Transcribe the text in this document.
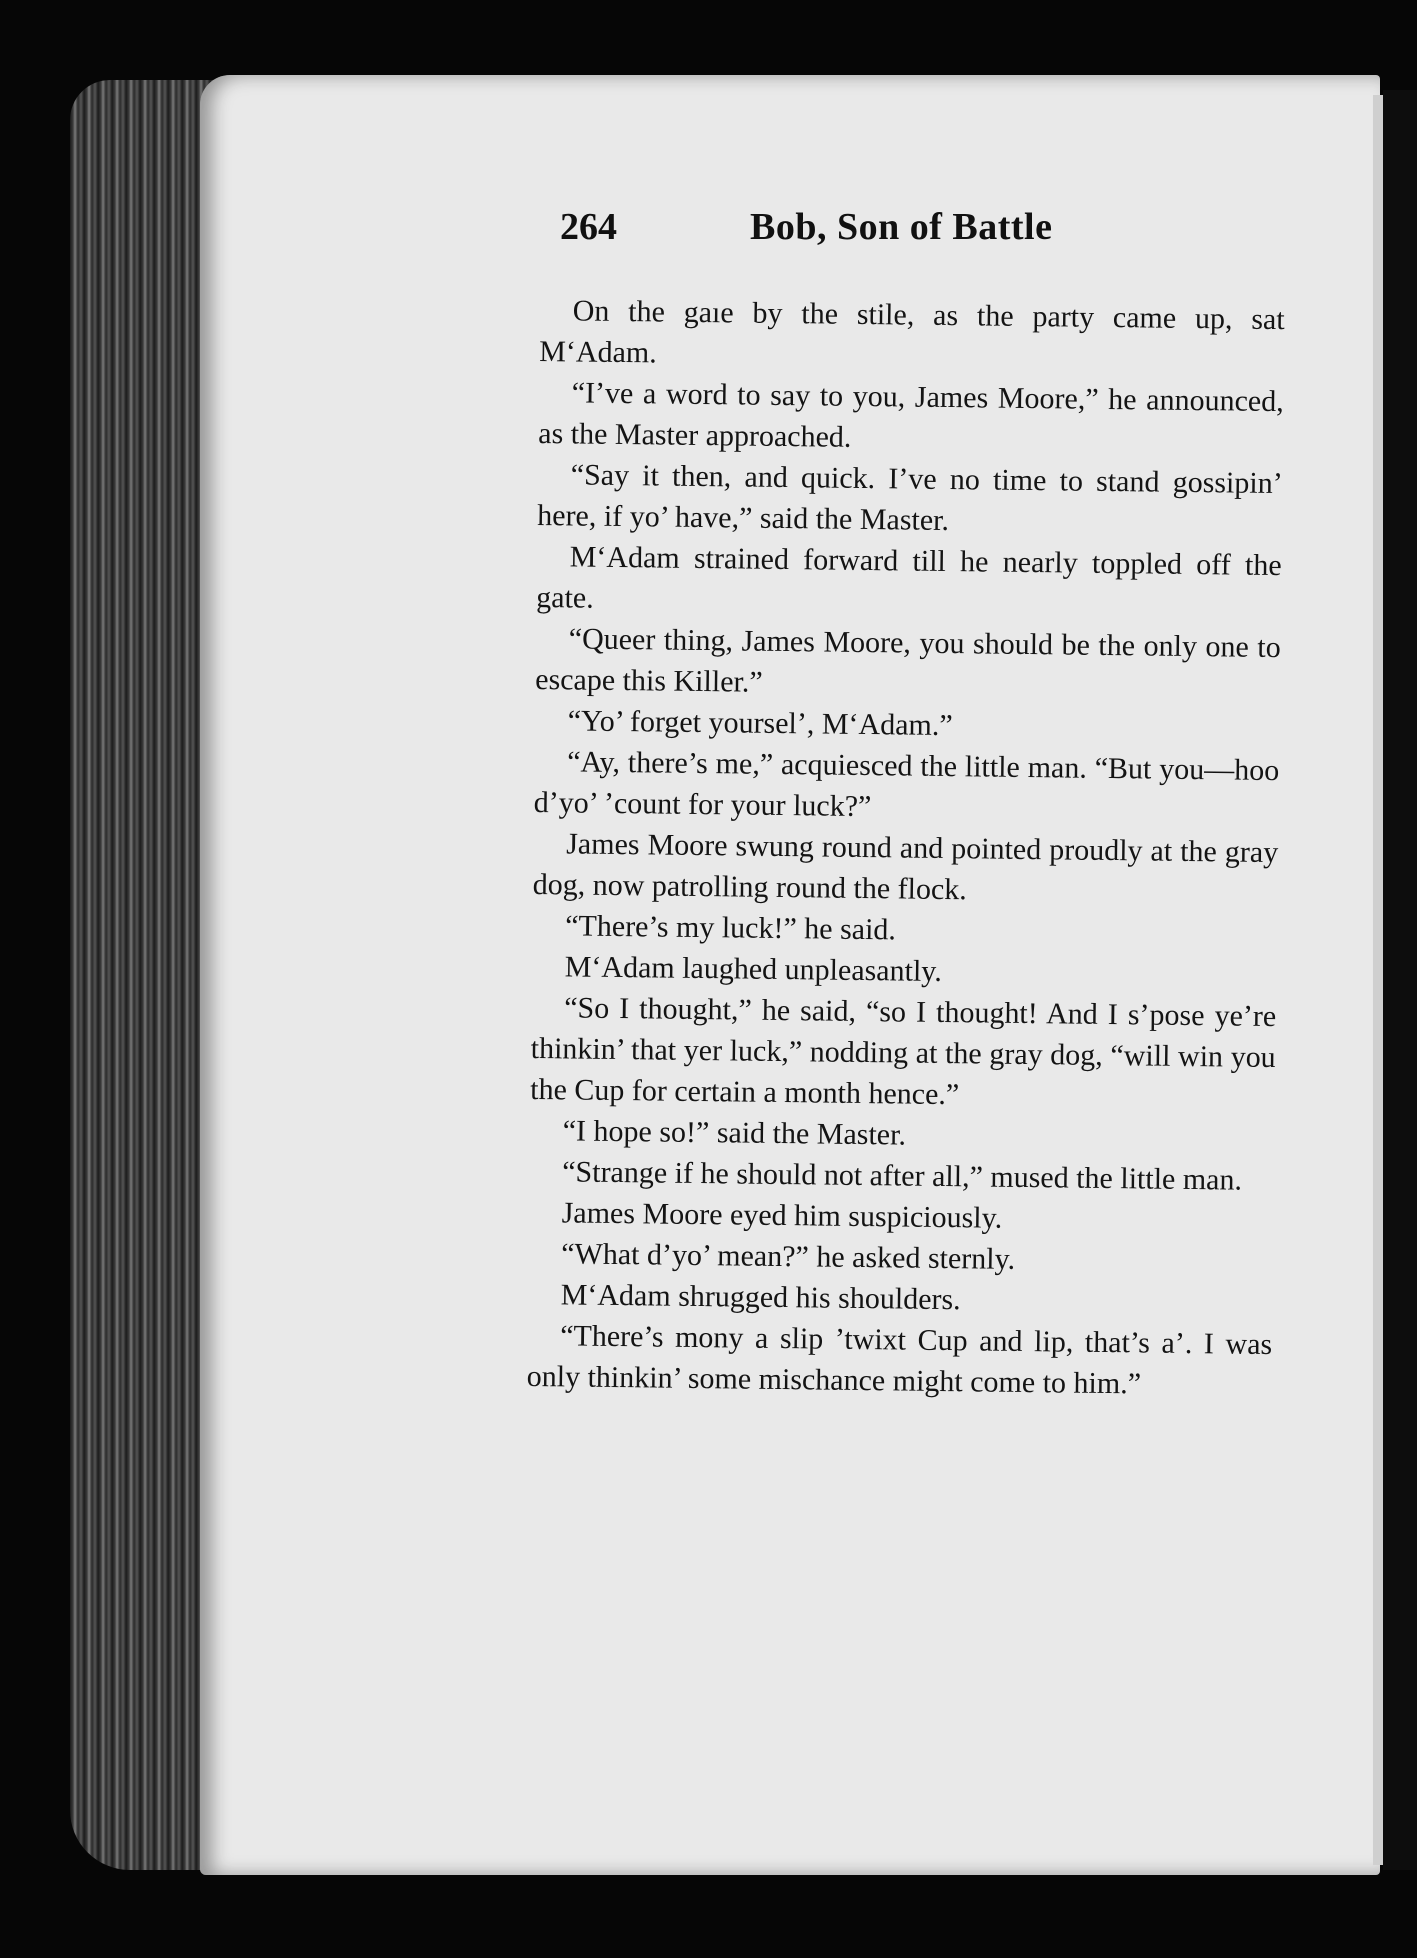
264	Bob, Son of Battle

On the gaıe by the stile, as the party came up, sat M‘Adam.

“I’ve a word to say to you, James Moore,” he announced, as the Master approached.

“Say it then, and quick. I’ve no time to stand gossipin’ here, if yo’ have,” said the Master.

M‘Adam strained forward till he nearly toppled off the gate.

“Queer thing, James Moore, you should be the only one to escape this Killer.”

“Yo’ forget yoursel’, M‘Adam.”

“Ay, there’s me,” acquiesced the little man. “But you—hoo d’yo’ ’count for your luck?”

James Moore swung round and pointed proudly at the gray dog, now patrolling round the flock.

“There’s my luck!” he said.

M‘Adam laughed unpleasantly.

“So I thought,” he said, “so I thought! And I s’pose ye’re thinkin’ that yer luck,” nodding at the gray dog, “will win you the Cup for certain a month hence.”

“I hope so!” said the Master.

“Strange if he should not after all,” mused the little man.

James Moore eyed him suspiciously.

“What d’yo’ mean?” he asked sternly.

M‘Adam shrugged his shoulders.

“There’s mony a slip ’twixt Cup and lip, that’s a’. I was only thinkin’ some mischance might come to him.”
